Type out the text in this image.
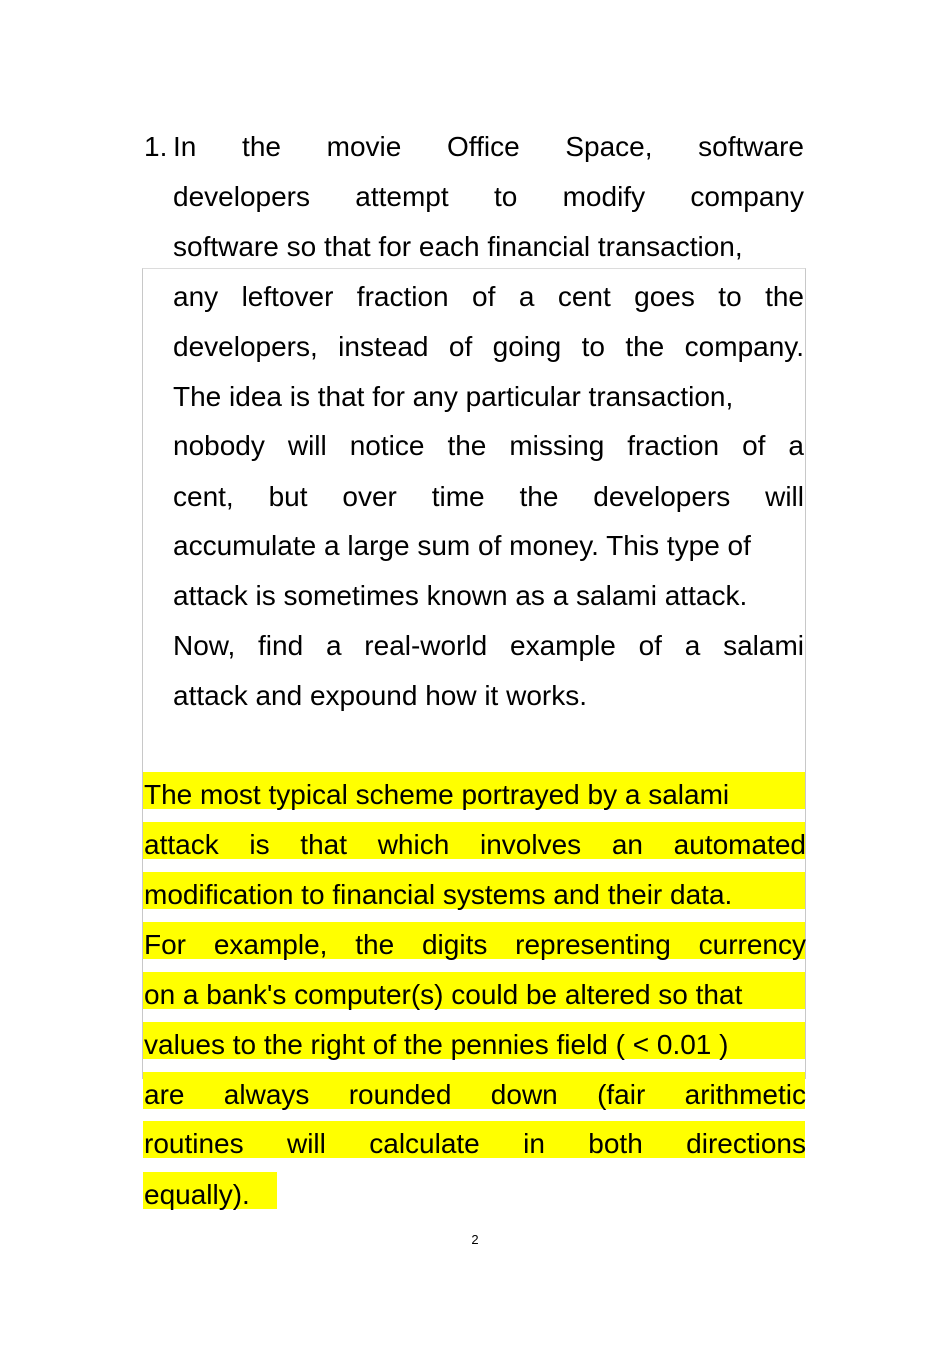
1. In the movie Office Space, software
developers attempt to modify company
software so that for each financial transaction,
any leftover fraction of a cent goes to the
developers, instead of going to the company.
The idea is that for any particular transaction,
nobody will notice the missing fraction of a
cent, but over time the developers will
accumulate a large sum of money. This type of
attack is sometimes known as a salami attack.
Now, find a real-world example of a salami
attack and expound how it works.
The most typical scheme portrayed by a salami
attack is that which involves an automated
modification to financial systems and their data.
For example, the digits representing currency
on a bank's computer(s) could be altered so that
values to the right of the pennies field ( < 0.01 )
are always rounded down (fair arithmetic
routines will calculate in both directions
equally).
2
